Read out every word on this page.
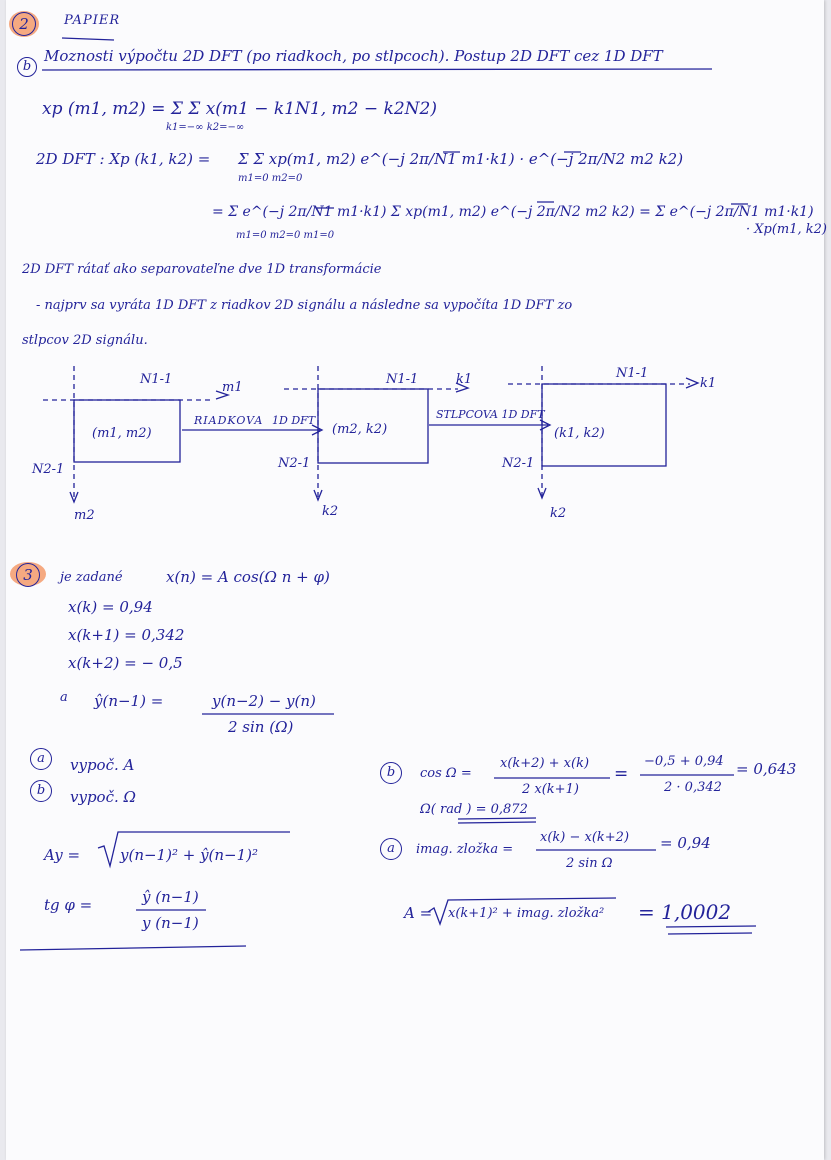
2	PAPIER
b
Moznosti výpočtu 2D DFT (po riadkoch, po stlpcoch). Postup 2D DFT cez 1D DFT
xp (m1, m2) = Σ Σ x(m1 − k1N1, m2 − k2N2)
k1=−∞ k2=−∞
2D DFT : Xp (k1, k2) = Σ Σ xp(m1, m2) e^(−j 2π/N1 m1·k1) · e^(−j 2π/N2 m2 k2)
m1=0 m2=0
= Σ e^(−j 2π/N1 m1·k1) Σ xp(m1, m2) e^(−j 2π/N2 m2 k2) = Σ e^(−j 2π/N1 m1·k1)
m1=0 m2=0 m1=0	· Xp(m1, k2)
2D DFT rátať ako separovateľne dve 1D transformácie
- najprv sa vyráta 1D DFT z riadkov 2D signálu a následne sa vypočíta 1D DFT zo
stlpcov 2D signálu.
N1-1
m1
(m1, m2)
N2-1
m2
RIADKOVA 1D DFT
N1-1	k1
(m2, k2)
N2-1
k2
STLPCOVA 1D DFT
N1-1
k1
(k1, k2)
N2-1
k2
3	je zadané	x(n) = A cos(Ω n + φ)
x(k) = 0,94
x(k+1) = 0,342
x(k+2) = − 0,5
a ŷ(n−1) =	y(n−2) − y(n)
2 sin (Ω)
a	vypoč. A
b	vypoč. Ω
Ay =	y(n−1)² + ŷ(n−1)²
tg φ =	ŷ (n−1)
y (n−1)
b	cos Ω =
x(k+2) + x(k)
2 x(k+1)
=
−0,5 + 0,94
2 · 0,342
= 0,643
Ω( rad ) = 0,872
a	imag. zložka =
x(k) − x(k+2)
2 sin Ω
= 0,94
A = x(k+1)² + imag. zložka² = 1,0002
